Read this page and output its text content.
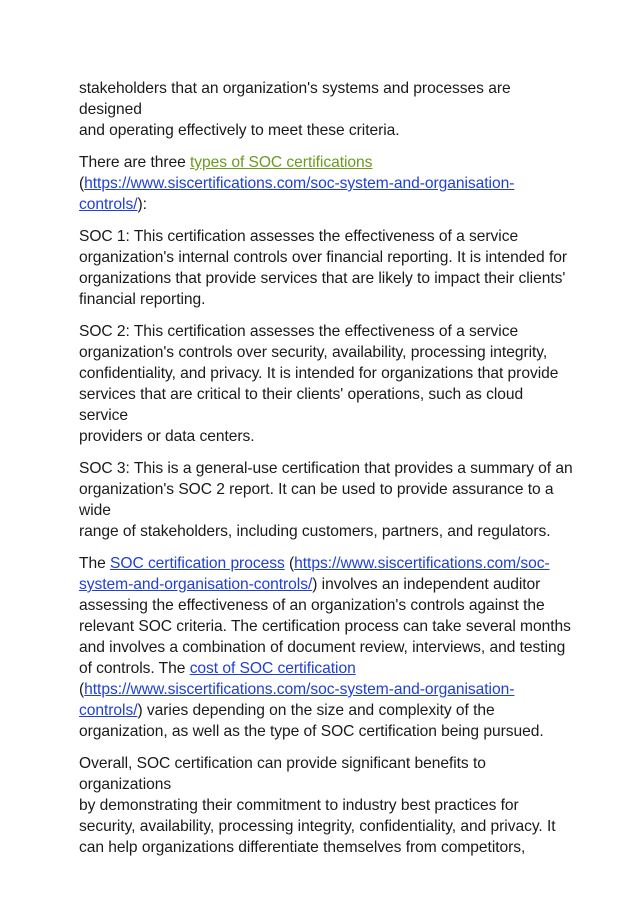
stakeholders that an organization's systems and processes are designed
and operating effectively to meet these criteria.

There are three types of SOC certifications
(https://www.siscertifications.com/soc-system-and-organisation-
controls/):

SOC 1: This certification assesses the effectiveness of a service
organization's internal controls over financial reporting. It is intended for
organizations that provide services that are likely to impact their clients'
financial reporting.

SOC 2: This certification assesses the effectiveness of a service
organization's controls over security, availability, processing integrity,
confidentiality, and privacy. It is intended for organizations that provide
services that are critical to their clients' operations, such as cloud service
providers or data centers.

SOC 3: This is a general-use certification that provides a summary of an
organization's SOC 2 report. It can be used to provide assurance to a wide
range of stakeholders, including customers, partners, and regulators.

The SOC certification process (https://www.siscertifications.com/soc-
system-and-organisation-controls/) involves an independent auditor
assessing the effectiveness of an organization's controls against the
relevant SOC criteria. The certification process can take several months
and involves a combination of document review, interviews, and testing
of controls. The cost of SOC certification
(https://www.siscertifications.com/soc-system-and-organisation-
controls/) varies depending on the size and complexity of the
organization, as well as the type of SOC certification being pursued.

Overall, SOC certification can provide significant benefits to organizations
by demonstrating their commitment to industry best practices for
security, availability, processing integrity, confidentiality, and privacy. It
can help organizations differentiate themselves from competitors,
